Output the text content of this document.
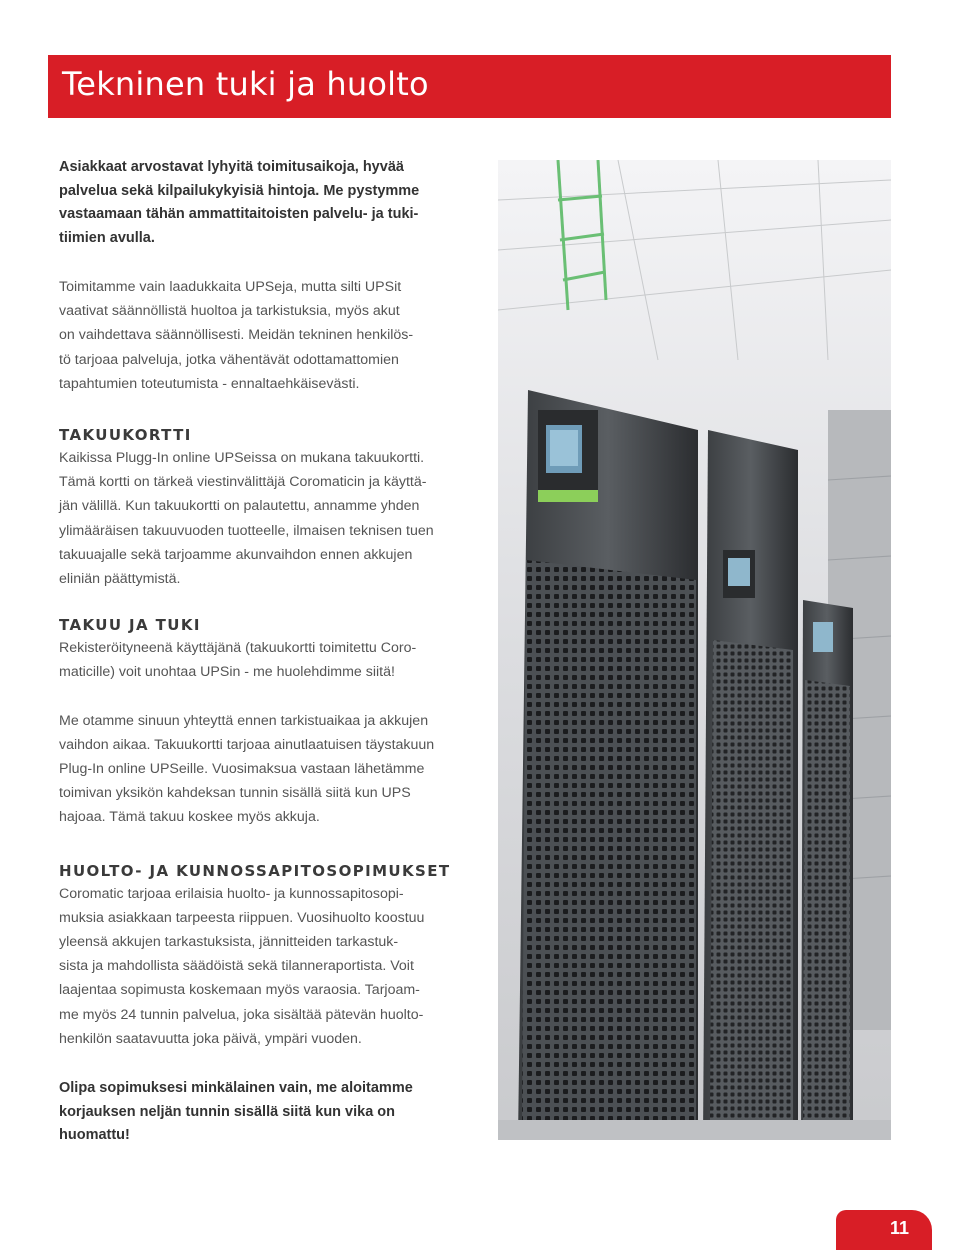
Tekninen tuki ja huolto

Asiakkaat arvostavat lyhyitä toimitusaikoja, hyvää

palvelua sekä kilpailukykyisiä hintoja. Me pystymme

vastaamaan tähän ammattitaitoisten palvelu- ja tuki-

tiimien avulla.

Toimitamme vain laadukkaita UPSeja, mutta silti UPSit

vaativat säännöllistä huoltoa ja tarkistuksia, myös akut

on vaihdettava säännöllisesti. Meidän tekninen henkilös-

tö tarjoaa palveluja, jotka vähentävät odottamattomien

tapahtumien toteutumista - ennaltaehkäisevästi.

TAKUUKORTTI

Kaikissa Plugg-In online UPSeissa on mukana takuukortti.

Tämä kortti on tärkeä viestinvälittäjä Coromaticin ja käyttä-

jän välillä. Kun takuukortti on palautettu, annamme yhden

ylimääräisen takuuvuoden tuotteelle, ilmaisen teknisen tuen

takuuajalle sekä tarjoamme akunvaihdon ennen akkujen

eliniän päättymistä.

TAKUU JA TUKI

Rekisteröityneenä käyttäjänä (takuukortti toimitettu Coro-

maticille) voit unohtaa UPSin - me huolehdimme siitä!

Me otamme sinuun yhteyttä ennen tarkistuaikaa ja akkujen

vaihdon aikaa. Takuukortti tarjoaa ainutlaatuisen täystakuun

Plug-In online UPSeille. Vuosimaksua vastaan lähetämme

toimivan yksikön kahdeksan tunnin sisällä siitä kun UPS

hajoaa. Tämä takuu koskee myös akkuja.

HUOLTO- JA KUNNOSSAPITOSOPIMUKSET

Coromatic tarjoaa erilaisia huolto- ja kunnossapitosopi-

muksia asiakkaan tarpeesta riippuen. Vuosihuolto koostuu

yleensä akkujen tarkastuksista, jännitteiden tarkastuk-

sista ja mahdollista säädöistä sekä tilanneraportista. Voit

laajentaa sopimusta koskemaan myös varaosia. Tarjoam-

me myös 24 tunnin palvelua, joka sisältää pätevän huolto-

henkilön saatavuutta joka päivä, ympäri vuoden.

Olipa sopimuksesi minkälainen vain, me aloitamme

korjauksen neljän tunnin sisällä siitä kun vika on

huomattu!

11
